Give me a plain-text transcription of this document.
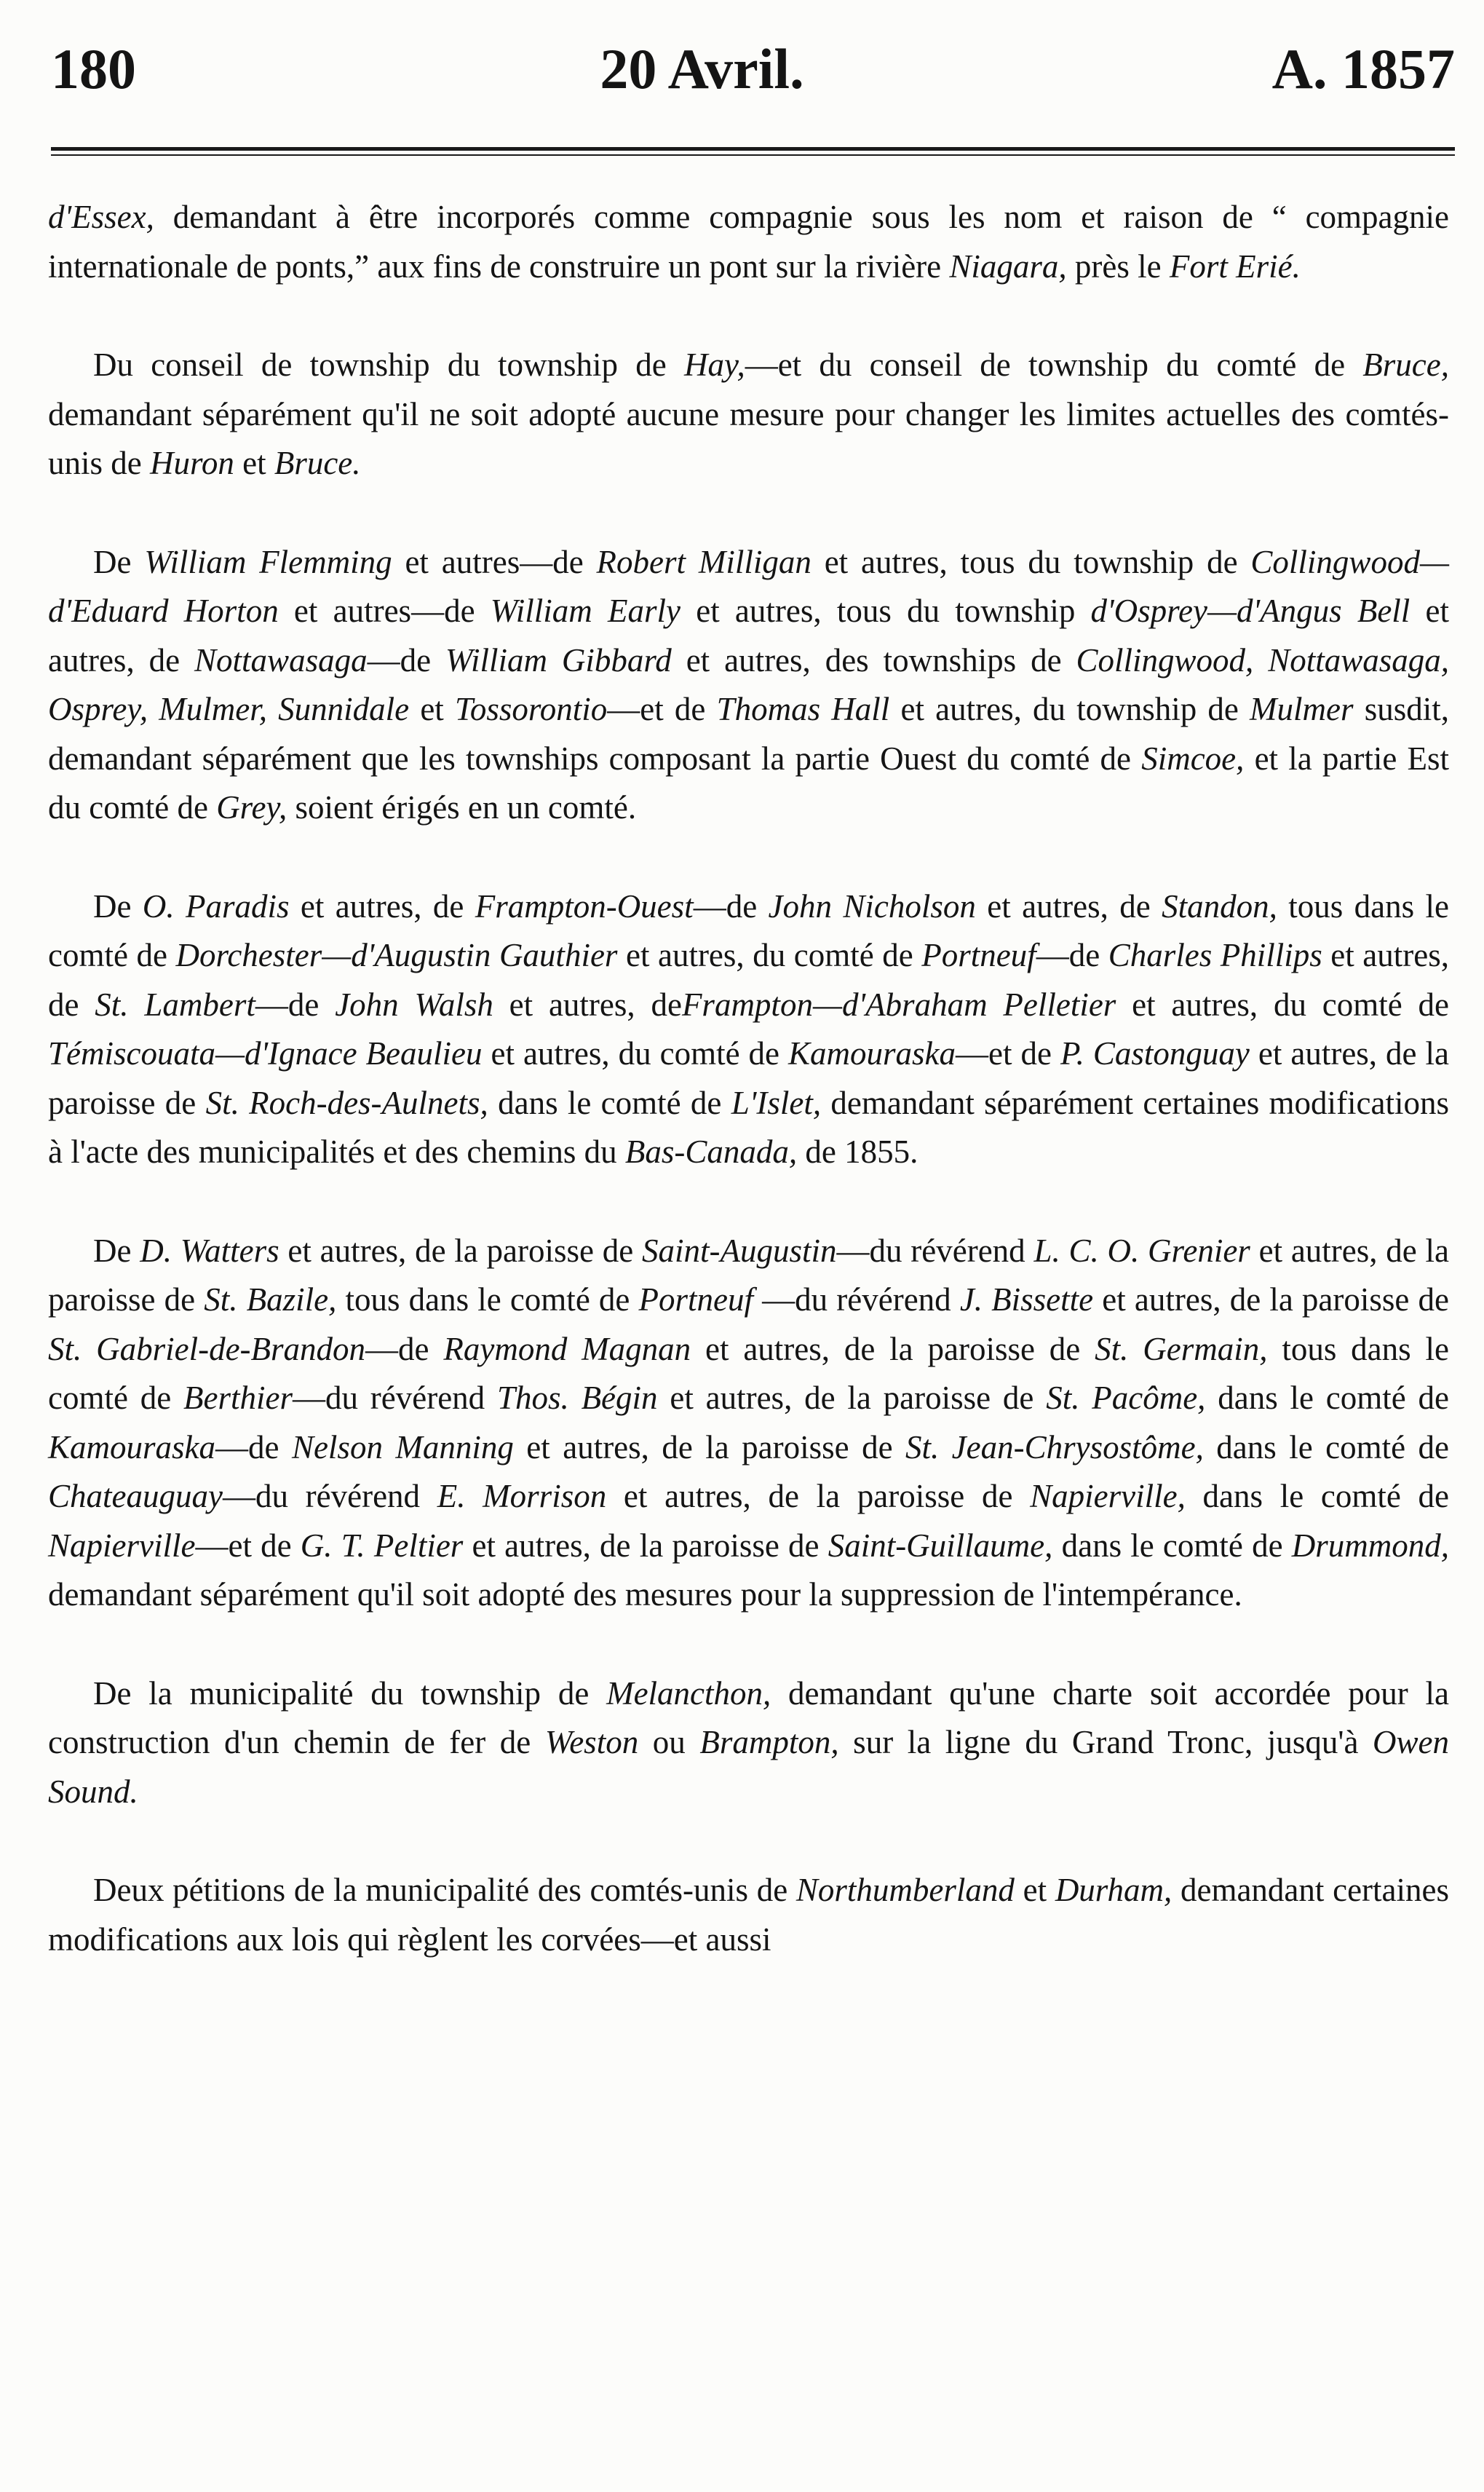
180	20 Avril.	A. 1857

d'Essex, demandant à être incorporés comme compagnie sous les nom et raison de “ compagnie internationale de ponts,” aux fins de construire un pont sur la rivière Niagara, près le Fort Erié.

Du conseil de township du township de Hay,—et du conseil de township du comté de Bruce, demandant séparément qu'il ne soit adopté aucune mesure pour changer les limites actuelles des comtés-unis de Huron et Bruce.

De William Flemming et autres—de Robert Milligan et autres, tous du township de Collingwood—d'Eduard Horton et autres—de William Early et autres, tous du township d'Osprey—d'Angus Bell et autres, de Nottawasaga—de William Gibbard et autres, des townships de Collingwood, Nottawasaga, Osprey, Mulmer, Sunnidale et Tossorontio—et de Thomas Hall et autres, du township de Mulmer susdit, demandant séparément que les townships composant la partie Ouest du comté de Simcoe, et la partie Est du comté de Grey, soient érigés en un comté.

De O. Paradis et autres, de Frampton-Ouest—de John Nicholson et autres, de Standon, tous dans le comté de Dorchester—d'Augustin Gauthier et autres, du comté de Portneuf—de Charles Phillips et autres, de St. Lambert—de John Walsh et autres, deFrampton—d'Abraham Pelletier et autres, du comté de Témiscouata—d'Ignace Beaulieu et autres, du comté de Kamouraska—et de P. Castonguay et autres, de la paroisse de St. Roch-des-Aulnets, dans le comté de L'Islet, demandant séparément certaines modifications à l'acte des municipalités et des chemins du Bas-Canada, de 1855.

De D. Watters et autres, de la paroisse de Saint-Augustin—du révérend L. C. O. Grenier et autres, de la paroisse de St. Bazile, tous dans le comté de Portneuf —du révérend J. Bissette et autres, de la paroisse de St. Gabriel-de-Brandon—de Raymond Magnan et autres, de la paroisse de St. Germain, tous dans le comté de Berthier—du révérend Thos. Bégin et autres, de la paroisse de St. Pacôme, dans le comté de Kamouraska—de Nelson Manning et autres, de la paroisse de St. Jean-Chrysostôme, dans le comté de Chateauguay—du révérend E. Morrison et autres, de la paroisse de Napierville, dans le comté de Napierville—et de G. T. Peltier et autres, de la paroisse de Saint-Guillaume, dans le comté de Drummond, demandant séparément qu'il soit adopté des mesures pour la suppression de l'intempérance.

De la municipalité du township de Melancthon, demandant qu'une charte soit accordée pour la construction d'un chemin de fer de Weston ou Brampton, sur la ligne du Grand Tronc, jusqu'à Owen Sound.

Deux pétitions de la municipalité des comtés-unis de Northumberland et Durham, demandant certaines modifications aux lois qui règlent les corvées—et aussi
